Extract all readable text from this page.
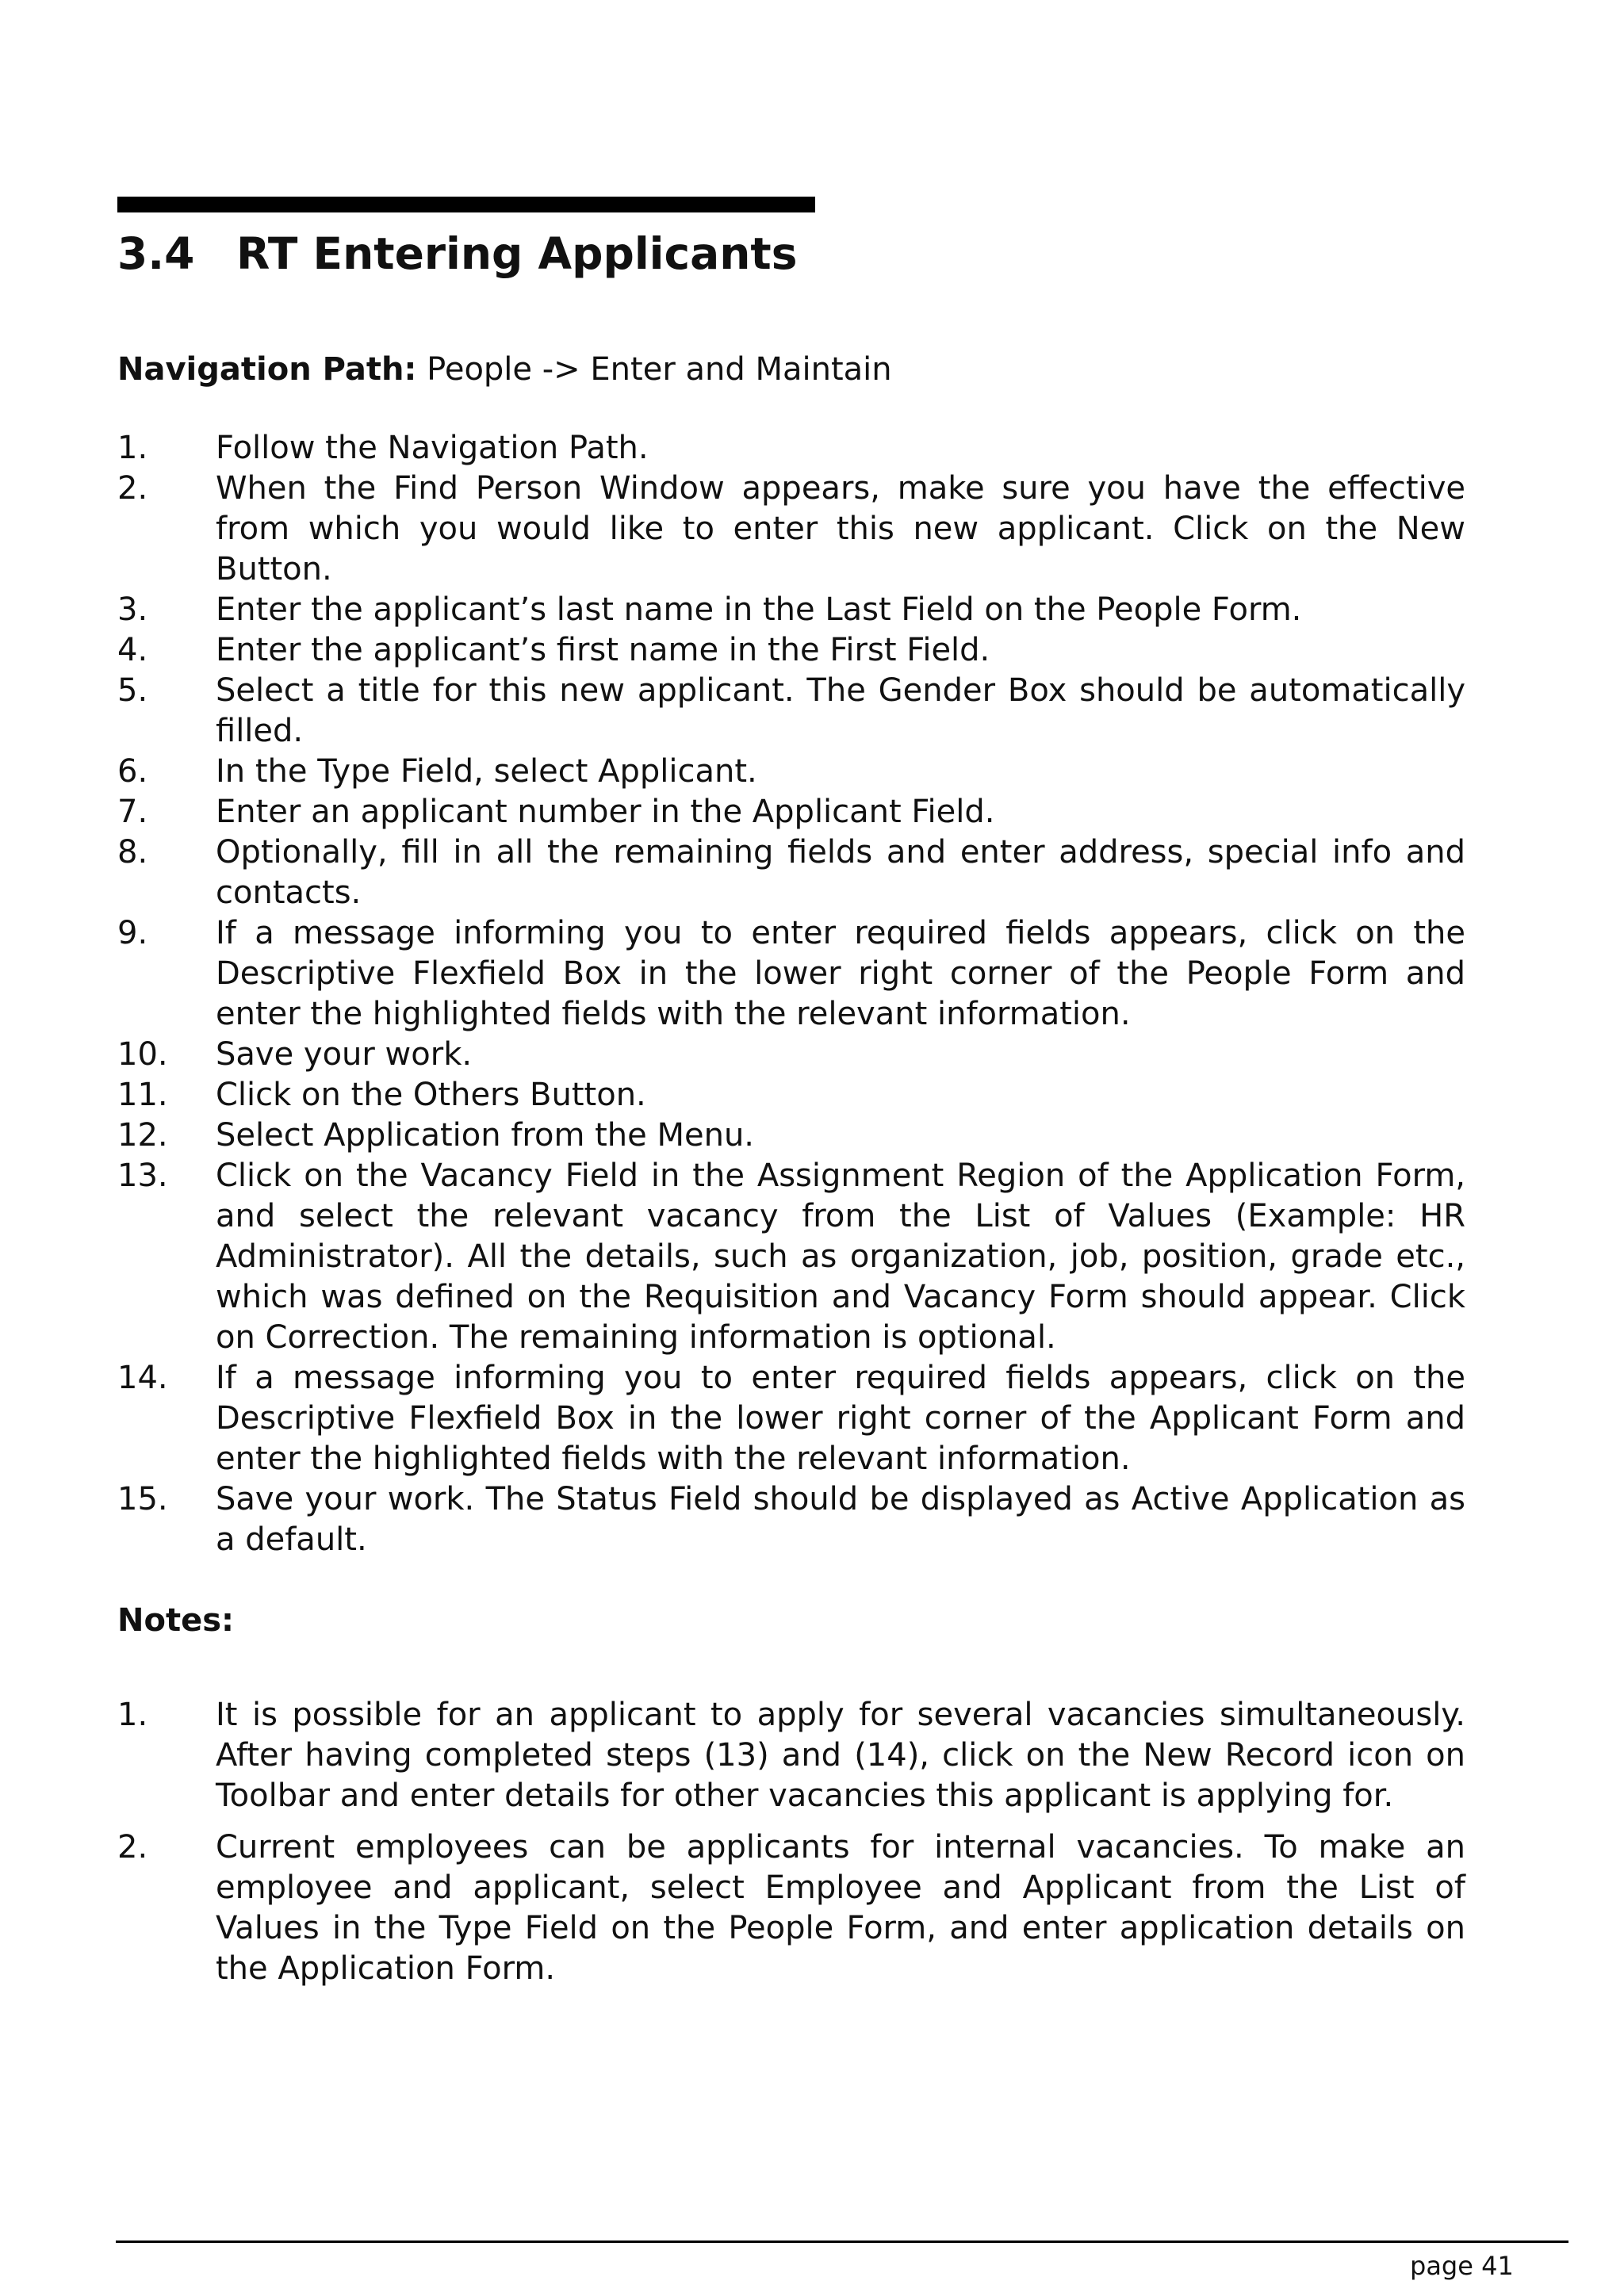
3.4 RT Entering Applicants
Navigation Path: People -> Enter and Maintain
1. Follow the Navigation Path.
2. When the Find Person Window appears, make sure you have the effective from which you would like to enter this new applicant. Click on the New Button.
3. Enter the applicant’s last name in the Last Field on the People Form.
4. Enter the applicant’s first name in the First Field.
5. Select a title for this new applicant. The Gender Box should be automatically filled.
6. In the Type Field, select Applicant.
7. Enter an applicant number in the Applicant Field.
8. Optionally, fill in all the remaining fields and enter address, special info and contacts.
9. If a message informing you to enter required fields appears, click on the Descriptive Flexfield Box in the lower right corner of the People Form and enter the highlighted fields with the relevant information.
10. Save your work.
11. Click on the Others Button.
12. Select Application from the Menu.
13. Click on the Vacancy Field in the Assignment Region of the Application Form, and select the relevant vacancy from the List of Values (Example: HR Administrator). All the details, such as organization, job, position, grade etc., which was defined on the Requisition and Vacancy Form should appear. Click on Correction. The remaining information is optional.
14. If a message informing you to enter required fields appears, click on the Descriptive Flexfield Box in the lower right corner of the Applicant Form and enter the highlighted fields with the relevant information.
15. Save your work. The Status Field should be displayed as Active Application as a default.
Notes:
1. It is possible for an applicant to apply for several vacancies simultaneously. After having completed steps (13) and (14), click on the New Record icon on Toolbar and enter details for other vacancies this applicant is applying for.
2. Current employees can be applicants for internal vacancies. To make an employee and applicant, select Employee and Applicant from the List of Values in the Type Field on the People Form, and enter application details on the Application Form.
page 41
